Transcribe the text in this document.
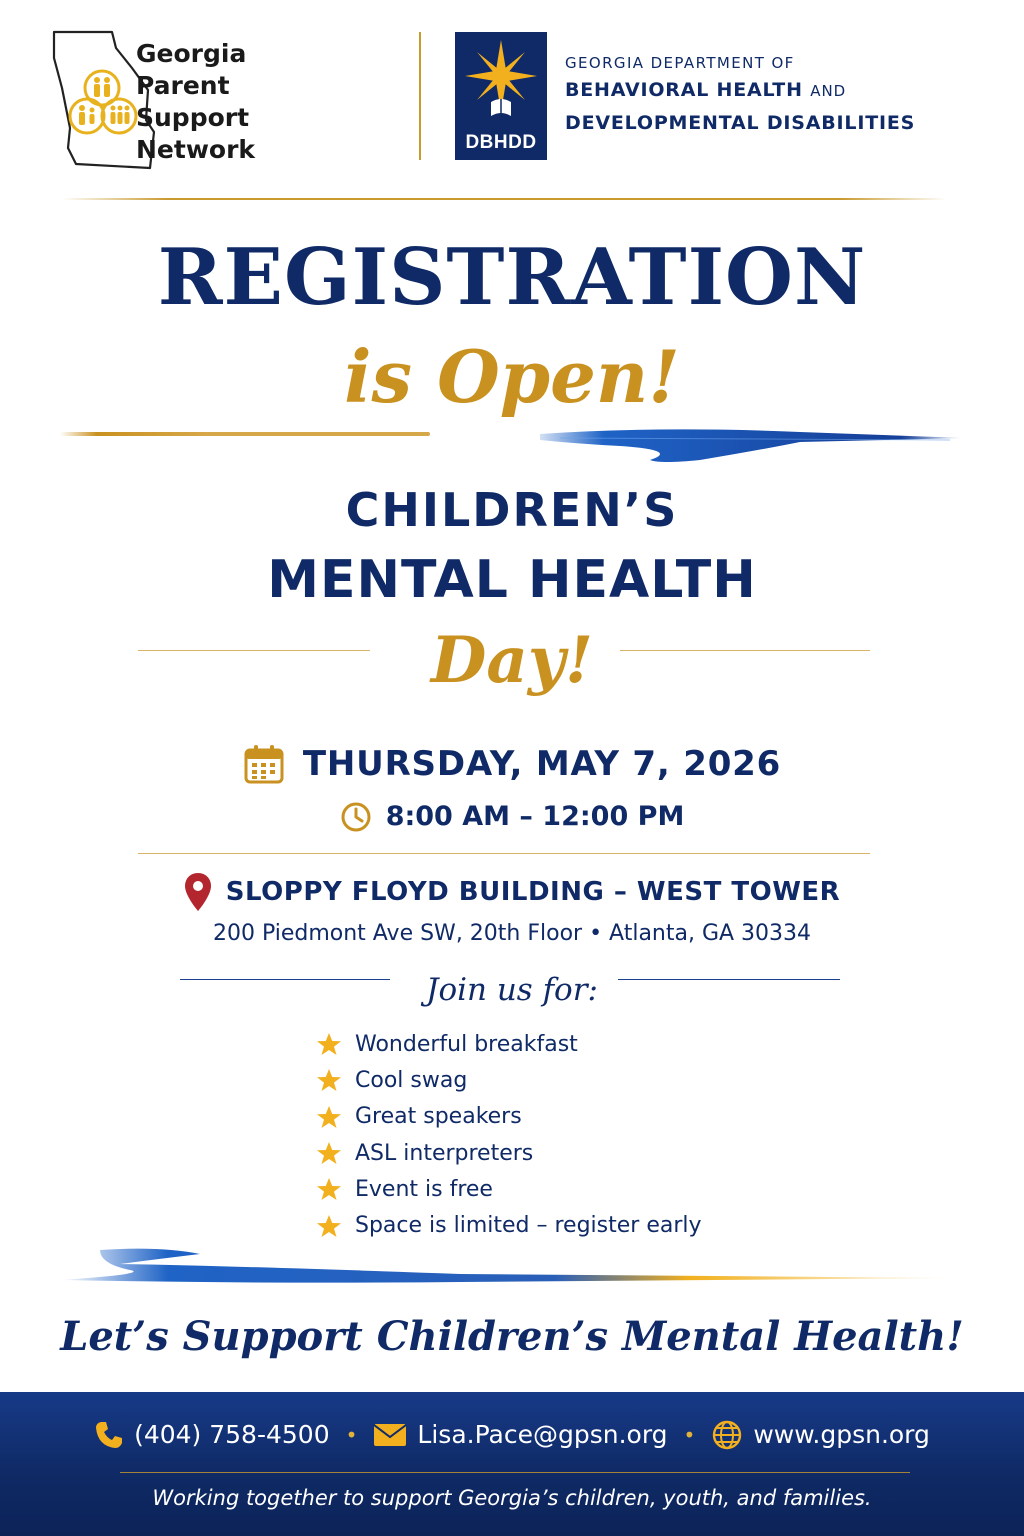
Georgia
Parent
Support
Network	DBHDD
GEORGIA DEPARTMENT OF
BEHAVIORAL HEALTH AND
DEVELOPMENTAL DISABILITIES
REGISTRATION
is Open!
CHILDREN’S
MENTAL HEALTH
Day!
THURSDAY, MAY 7, 2026
8:00 AM – 12:00 PM
SLOPPY FLOYD BUILDING – WEST TOWER
200 Piedmont Ave SW, 20th Floor • Atlanta, GA 30334
Join us for:
Wonderful breakfast
Cool swag
Great speakers
ASL interpreters
Event is free
Space is limited – register early
Let’s Support Children’s Mental Health!
(404) 758-4500 • Lisa.Pace@gpsn.org • www.gpsn.org
Working together to support Georgia’s children, youth, and families.
